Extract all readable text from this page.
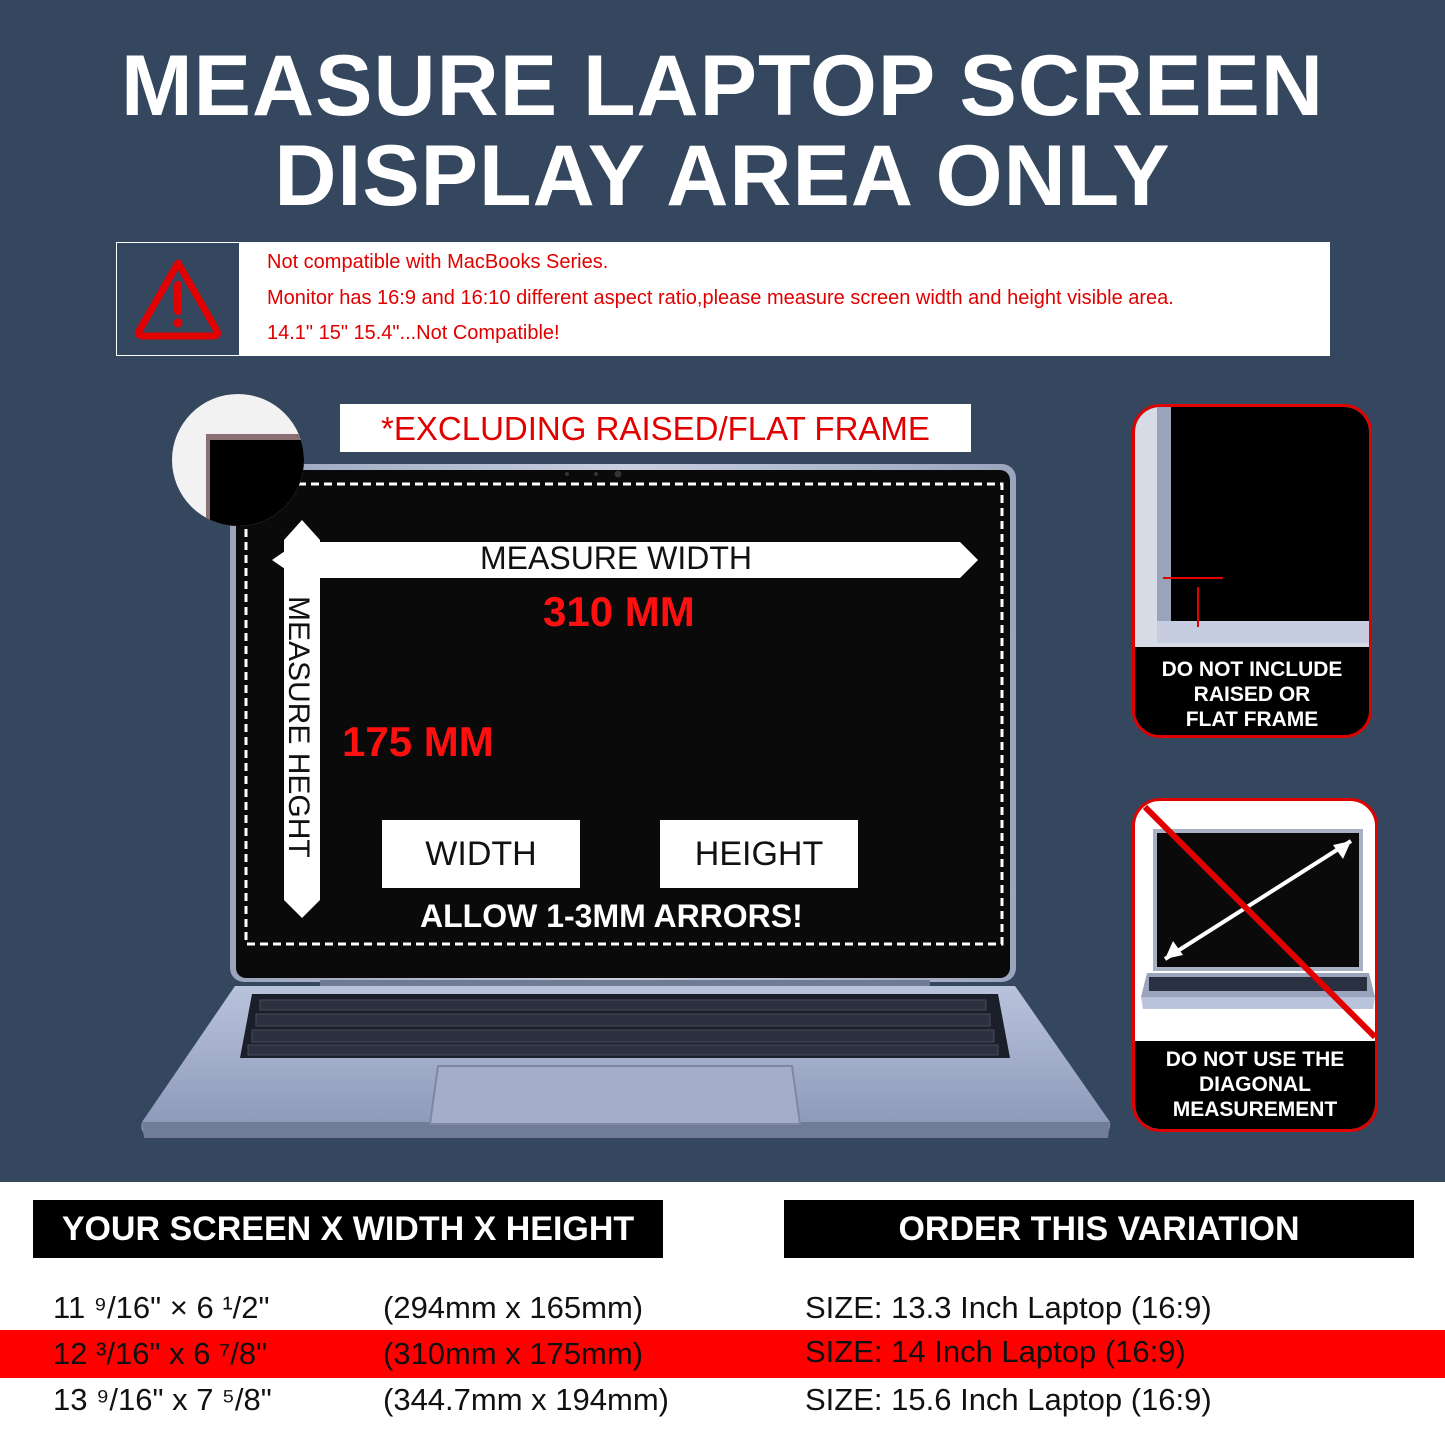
MEASURE LAPTOP SCREEN
DISPLAY AREA ONLY
Not compatible with MacBooks Series.
Monitor has 16:9 and 16:10 different aspect ratio,please measure screen width and height visible area.
14.1" 15" 15.4"...Not Compatible!
*EXCLUDING RAISED/FLAT FRAME
MEASURE WIDTH
310 MM
MEASURE HEGHT 175 MM
WIDTH	HEIGHT
ALLOW 1-3MM ARRORS!
DO NOT INCLUDE
RAISED OR
FLAT FRAME
DO NOT USE THE
DIAGONAL
MEASUREMENT
YOUR SCREEN X WIDTH X HEIGHT	ORDER THIS VARIATION
11 ⁹/16" × 6 ¹/2"	(294mm x 165mm)	SIZE: 13.3 Inch Laptop (16:9)
12 ³/16" x 6 ⁷/8"	(310mm x 175mm)	SIZE: 14 Inch Laptop (16:9)
13 ⁹/16" x 7 ⁵/8"	(344.7mm x 194mm)	SIZE: 15.6 Inch Laptop (16:9)
